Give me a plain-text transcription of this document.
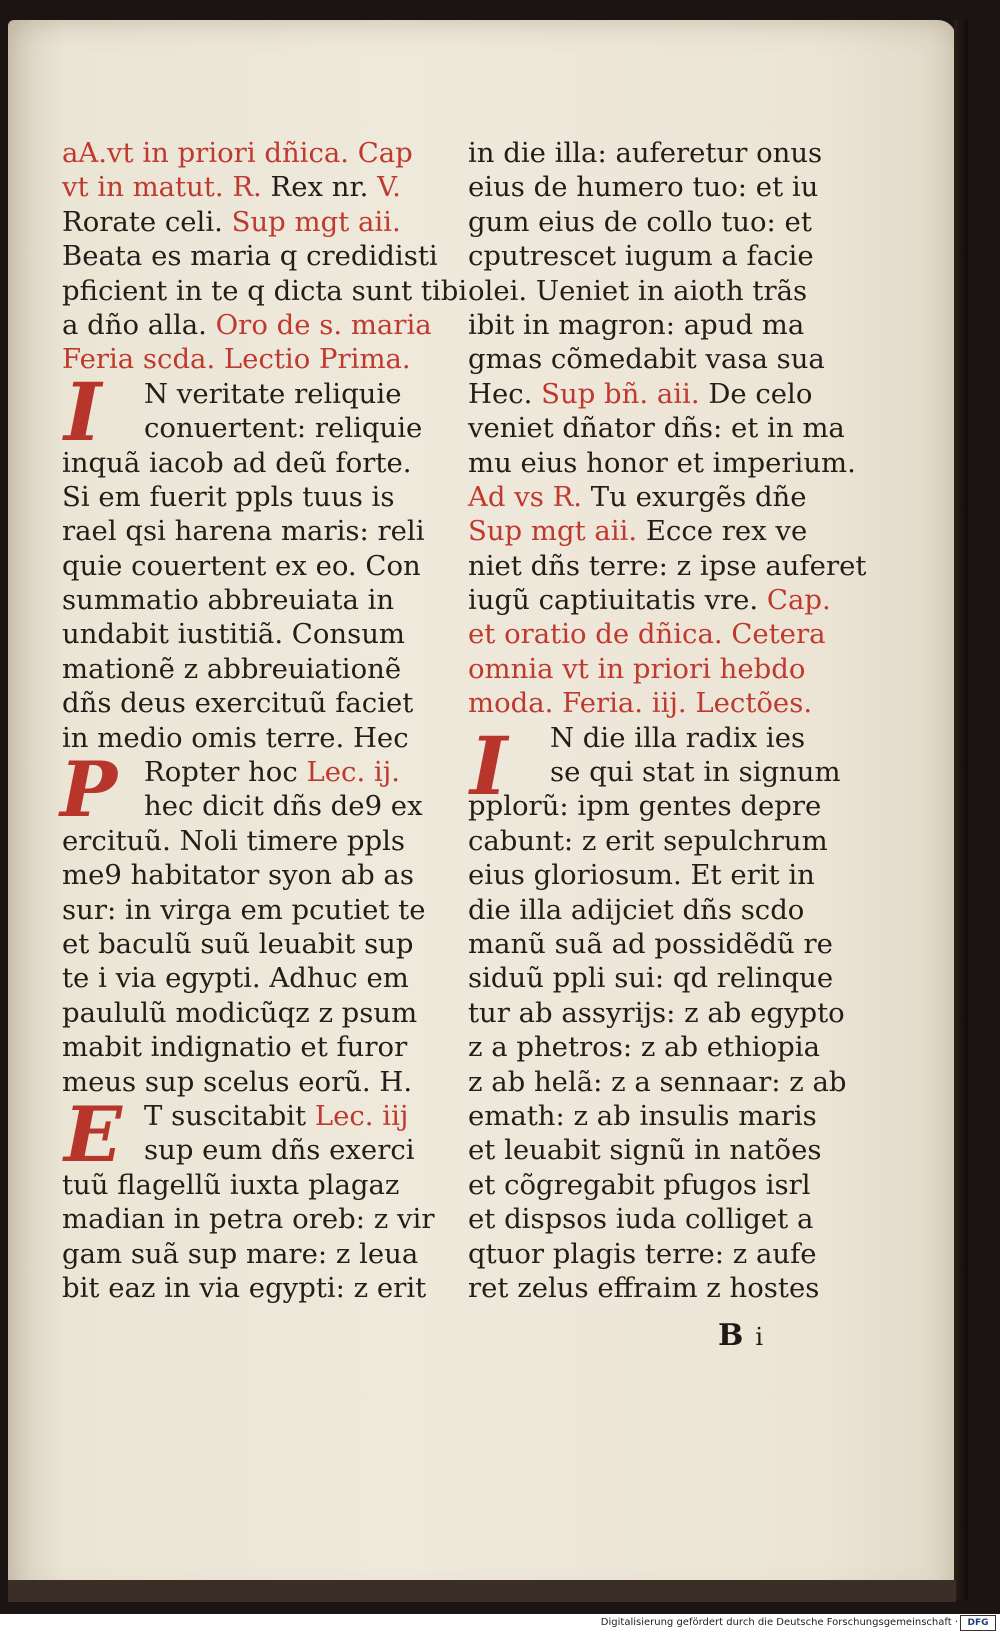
aA.vt in priori dñica. Cap
vt in matut. R. Rex nr. V.
Rorate celi. Sup mgt aii.
Beata es maria q credidisti
pficient in te q dicta sunt tibi
a dño alla. Oro de s. maria
Feria scda. Lectio Prima.
N veritate reliquie
conuertent: reliquie
inquã iacob ad deũ forte.
Si em fuerit ppls tuus is
rael qsi harena maris: reli
quie couertent ex eo. Con
summatio abbreuiata in
undabit iustitiã. Consum
mationẽ z abbreuiationẽ
dñs deus exercituũ faciet
in medio omis terre. Hec
Ropter hoc Lec. ij.
hec dicit dñs de9 ex
ercituũ. Noli timere ppls
me9 habitator syon ab as
sur: in virga em pcutiet te
et baculũ suũ leuabit sup
te i via egypti. Adhuc em
paululũ modicũqz z psum
mabit indignatio et furor
meus sup scelus eorũ. H.
T suscitabit Lec. iij
sup eum dñs exerci
tuũ flagellũ iuxta plagaz
madian in petra oreb: z vir
gam suã sup mare: z leua
bit eaz in via egypti: z erit
in die illa: auferetur onus
eius de humero tuo: et iu
gum eius de collo tuo: et
cputrescet iugum a facie
olei. Ueniet in aioth trãs
ibit in magron: apud ma
gmas cõmedabit vasa sua
Hec. Sup bñ. aii. De celo
veniet dñator dñs: et in ma
mu eius honor et imperium.
Ad vs R. Tu exurgẽs dñe
Sup mgt aii. Ecce rex ve
niet dñs terre: z ipse auferet
iugũ captiuitatis vre. Cap.
et oratio de dñica. Cetera
omnia vt in priori hebdo
moda. Feria. iij. Lectões.
N die illa radix ies
se qui stat in signum
pplorũ: ipm gentes depre
cabunt: z erit sepulchrum
eius gloriosum. Et erit in
die illa adijciet dñs scdo
manũ suã ad possidẽdũ re
siduũ ppli sui: qd relinque
tur ab assyrijs: z ab egypto
z a phetros: z ab ethiopia
z ab helã: z a sennaar: z ab
emath: z ab insulis maris
et leuabit signũ in natões
et cõgregabit pfugos isrl
et dispsos iuda colliget a
qtuor plagis terre: z aufe
ret zelus effraim z hostes
I
P
E
I
B i
Digitalisierung gefördert durch die Deutsche Forschungsgemeinschaft ·	DFG
